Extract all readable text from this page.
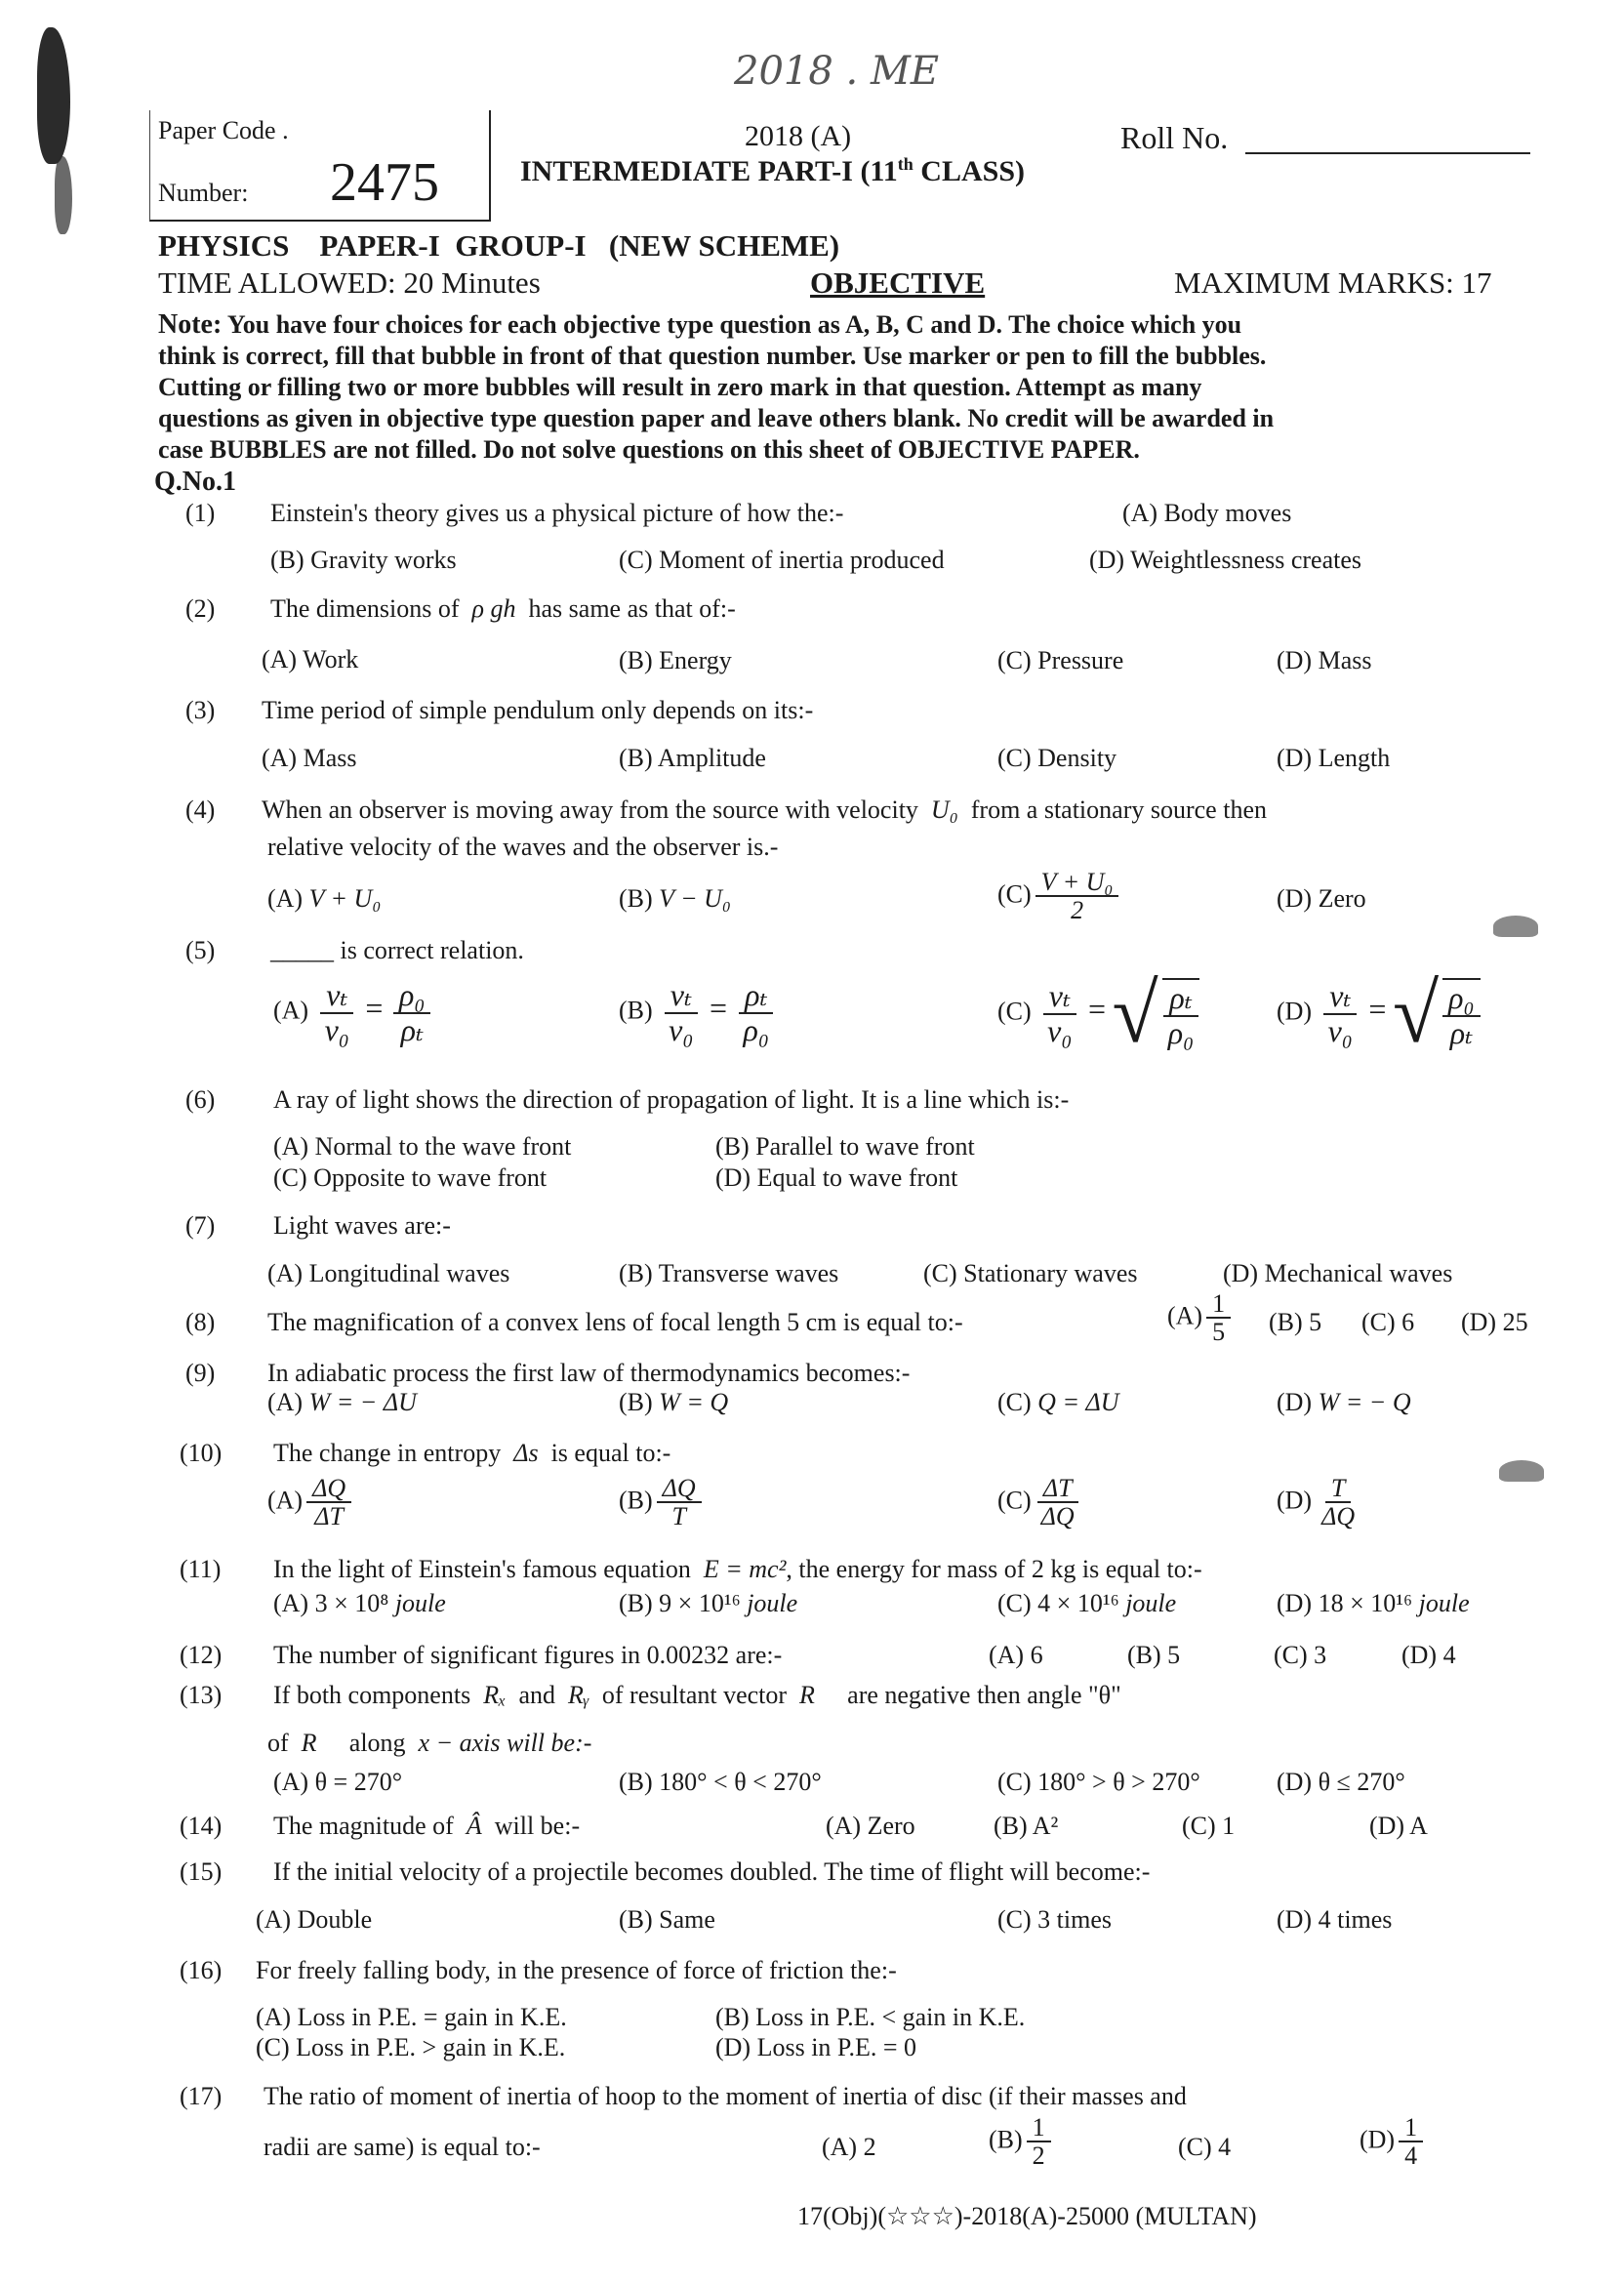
2018 . ME
Paper Code .
Number: 2475
2018 (A)
INTERMEDIATE PART-I (11th CLASS)
Roll No.
PHYSICS PAPER-I GROUP-I (NEW SCHEME)
TIME ALLOWED: 20 Minutes	OBJECTIVE	MAXIMUM MARKS: 17
Note: You have four choices for each objective type question as A, B, C and D. The choice which you
think is correct, fill that bubble in front of that question number. Use marker or pen to fill the bubbles.
Cutting or filling two or more bubbles will result in zero mark in that question. Attempt as many
questions as given in objective type question paper and leave others blank. No credit will be awarded in
case BUBBLES are not filled. Do not solve questions on this sheet of OBJECTIVE PAPER.
Q.No.1
(1) Einstein's theory gives us a physical picture of how the:-	(A) Body moves
(B) Gravity works	(C) Moment of inertia produced	(D) Weightlessness creates
(2) The dimensions of ρ gh has same as that of:-
(A) Work	(B) Energy	(C) Pressure	(D) Mass
(3) Time period of simple pendulum only depends on its:-
(A) Mass	(B) Amplitude	(C) Density	(D) Length
(4) When an observer is moving away from the source with velocity U₀ from a stationary source then
relative velocity of the waves and the observer is.-
(A) V + U₀	(B) V − U₀	$(C) \frac{\text{V + U₀}}{2}$	(D) Zero
(5) _____ is correct relation.
$(A) \frac{\text{vₜ}}{\text{v₀}} = \frac{\text{ρ₀}}{\text{ρₜ}}$	$(B) \frac{\text{vₜ}}{\text{v₀}} = \frac{\text{ρₜ}}{\text{ρ₀}}$	$(C) \frac{\text{vₜ}}{\text{v₀}}$ = √ $\frac{\text{ρₜ}}{\text{ρ₀}}$	$(D) \frac{\text{vₜ}}{\text{v₀}}$ = √ $\frac{\text{ρ₀}}{\text{ρₜ}}$
(6) A ray of light shows the direction of propagation of light. It is a line which is:-
(A) Normal to the wave front	(B) Parallel to wave front
(C) Opposite to wave front	(D) Equal to wave front
(7) Light waves are:-
(A) Longitudinal waves	(B) Transverse waves	(C) Stationary waves	(D) Mechanical waves
(8) The magnification of a convex lens of focal length 5 cm is equal to:-	$(A) \frac{1}{5} (B)$ 5 (C) 6 (D) 25
(9) In adiabatic process the first law of thermodynamics becomes:-
(A) W = − ΔU	(B) W = Q	(C) Q = ΔU	(D) W = − Q
(10) The change in entropy Δs is equal to:-
$(A) \frac{\Delta Q}{\Delta T}$	$(B) \frac{\Delta Q}{T}$	$(C) \frac{\Delta T}{\Delta Q}$	$(D) \frac{T}{\Delta Q}$
(11) In the light of Einstein's famous equation E = mc², the energy for mass of 2 kg is equal to:-
(A) 3 × 10⁸ joule	(B) 9 × 10¹⁶ joule	(C) 4 × 10¹⁶ joule	(D) 18 × 10¹⁶ joule
(12) The number of significant figures in 0.00232 are:-	(A) 6	(B) 5	(C) 3	(D) 4
(13) If both components Rₓ and Rᵧ of resultant vector R⃗ are negative then angle "θ"
of R⃗ along x − axis will be:-
(A) θ = 270°	(B) 180° < θ < 270°	(C) 180° > θ > 270°	(D) θ ≤ 270°
(14) The magnitude of Â will be:-	(A) Zero	(B) A²	(C) 1	(D) A
(15) If the initial velocity of a projectile becomes doubled. The time of flight will become:-
(A) Double	(B) Same	(C) 3 times	(D) 4 times
(16) For freely falling body, in the presence of force of friction the:-
(A) Loss in P.E. = gain in K.E.	(B) Loss in P.E. < gain in K.E.
(C) Loss in P.E. > gain in K.E.	(D) Loss in P.E. = 0
(17) The ratio of moment of inertia of hoop to the moment of inertia of disc (if their masses and
radii are same) is equal to:-	(A) 2	$(B) \frac{1}{2}$	(C) 4	$(D) \frac{1}{4}$
17(Obj)(☆☆☆)-2018(A)-25000 (MULTAN)
